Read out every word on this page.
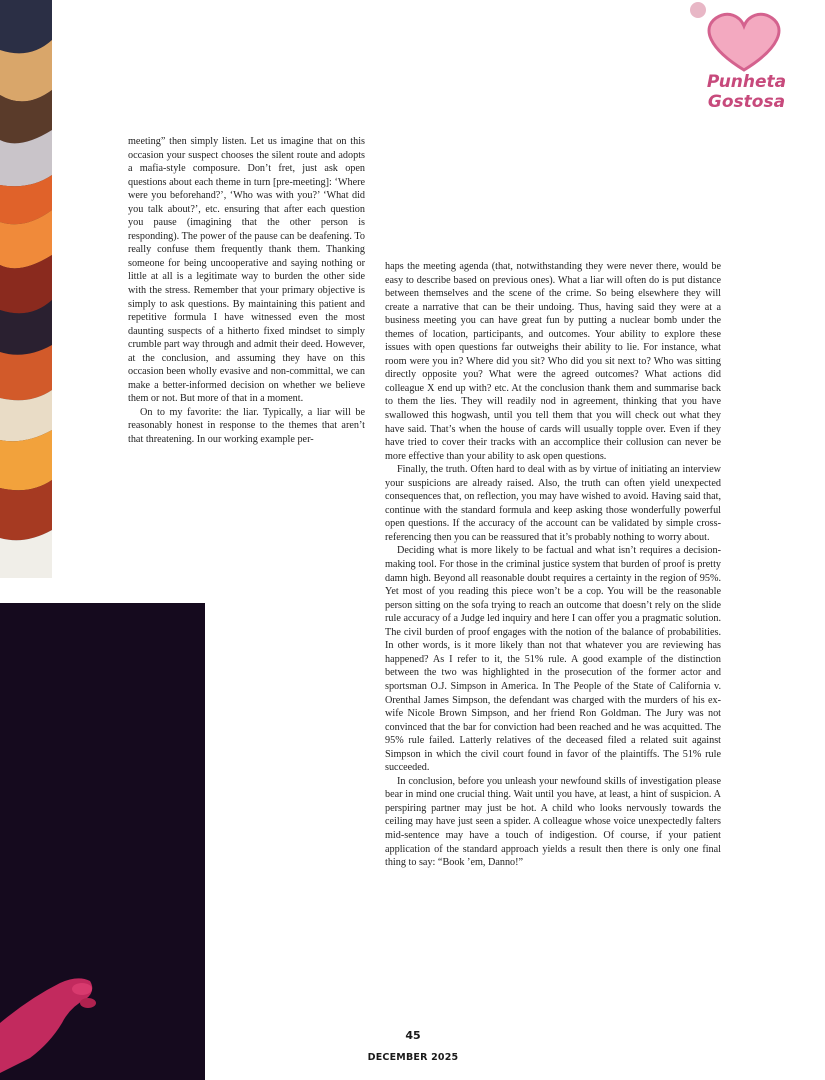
Punheta Gostosa

meeting” then simply listen. Let us imagine that on this occasion your suspect chooses the silent route and adopts a mafia-style composure. Don’t fret, just ask open questions about each theme in turn [pre-meeting]: ‘Where were you beforehand?’, ‘Who was with you?’ ‘What did you talk about?’, etc. ensuring that after each question you pause (imagining that the other person is responding). The power of the pause can be deafening. To really confuse them frequently thank them. Thanking someone for being uncooperative and saying nothing or little at all is a legitimate way to burden the other side with the stress. Remember that your primary objective is simply to ask questions. By maintaining this patient and repetitive formula I have witnessed even the most daunting suspects of a hitherto fixed mindset to simply crumble part way through and admit their deed. However, at the conclusion, and assuming they have on this occasion been wholly evasive and non-committal, we can make a better-informed decision on whether we believe them or not. But more of that in a moment.

On to my favorite: the liar. Typically, a liar will be reasonably honest in response to the themes that aren’t that threatening. In our working example per-

haps the meeting agenda (that, notwithstanding they were never there, would be easy to describe based on previous ones). What a liar will often do is put distance between themselves and the scene of the crime. So being elsewhere they will create a narrative that can be their undoing. Thus, having said they were at a business meeting you can have great fun by putting a nuclear bomb under the themes of location, participants, and outcomes. Your ability to explore these issues with open questions far outweighs their ability to lie. For instance, what room were you in? Where did you sit? Who did you sit next to? Who was sitting directly opposite you? What were the agreed outcomes? What actions did colleague X end up with? etc. At the conclusion thank them and summarise back to them the lies. They will readily nod in agreement, thinking that you have swallowed this hogwash, until you tell them that you will check out what they have said. That’s when the house of cards will usually topple over. Even if they have tried to cover their tracks with an accomplice their collusion can never be more effective than your ability to ask open questions.

Finally, the truth. Often hard to deal with as by virtue of initiating an interview your suspicions are already raised. Also, the truth can often yield unexpected consequences that, on reflection, you may have wished to avoid. Having said that, continue with the standard formula and keep asking those wonderfully powerful open questions. If the accuracy of the account can be validated by simple cross-referencing then you can be reassured that it’s probably nothing to worry about.

Deciding what is more likely to be factual and what isn’t requires a decision-making tool. For those in the criminal justice system that burden of proof is pretty damn high. Beyond all reasonable doubt requires a certainty in the region of 95%. Yet most of you reading this piece won’t be a cop. You will be the reasonable person sitting on the sofa trying to reach an outcome that doesn’t rely on the slide rule accuracy of a Judge led inquiry and here I can offer you a pragmatic solution. The civil burden of proof engages with the notion of the balance of probabilities. In other words, is it more likely than not that whatever you are reviewing has happened? As I refer to it, the 51% rule. A good example of the distinction between the two was highlighted in the prosecution of the former actor and sportsman O.J. Simpson in America. In The People of the State of California v. Orenthal James Simpson, the defendant was charged with the murders of his ex-wife Nicole Brown Simpson, and her friend Ron Goldman. The Jury was not convinced that the bar for conviction had been reached and he was acquitted. The 95% rule failed. Latterly relatives of the deceased filed a related suit against Simpson in which the civil court found in favor of the plaintiffs. The 51% rule succeeded.

In conclusion, before you unleash your newfound skills of investigation please bear in mind one crucial thing. Wait until you have, at least, a hint of suspicion. A perspiring partner may just be hot. A child who looks nervously towards the ceiling may have just seen a spider. A colleague whose voice unexpectedly falters mid-sentence may have a touch of indigestion. Of course, if your patient application of the standard approach yields a result then there is only one final thing to say: “Book ’em, Danno!”

45
DECEMBER 2025
